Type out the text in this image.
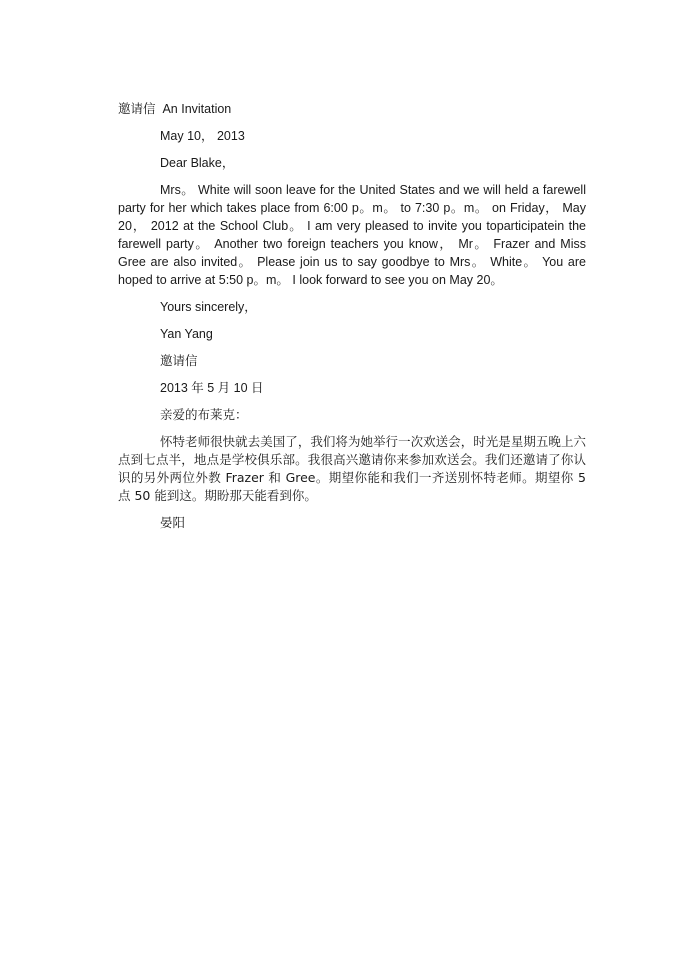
邀请信 An Invitation

May 10， 2013

Dear Blake，

Mrs。 White will soon leave for the United States and we will held a farewell party for her which takes place from 6:00 p。m。 to 7:30 p。m。 on Friday， May 20， 2012 at the School Club。 I am very pleased to invite you toparticipatein the farewell party。 Another two foreign teachers you know， Mr。 Frazer and Miss Gree are also invited。 Please join us to say goodbye to Mrs。 White。 You are hoped to arrive at 5:50 p。m。 I look forward to see you on May 20。

Yours sincerely，

Yan Yang

邀请信

2013 年 5 月 10 日

亲爱的布莱克：

怀特老师很快就去美国了，我们将为她举行一次欢送会，时光是星期五晚上六点到七点半，地点是学校俱乐部。我很高兴邀请你来参加欢送会。我们还邀请了你认识的另外两位外教 Frazer 和 Gree。期望你能和我们一齐送别怀特老师。期望你 5 点 50 能到这。期盼那天能看到你。

晏阳
